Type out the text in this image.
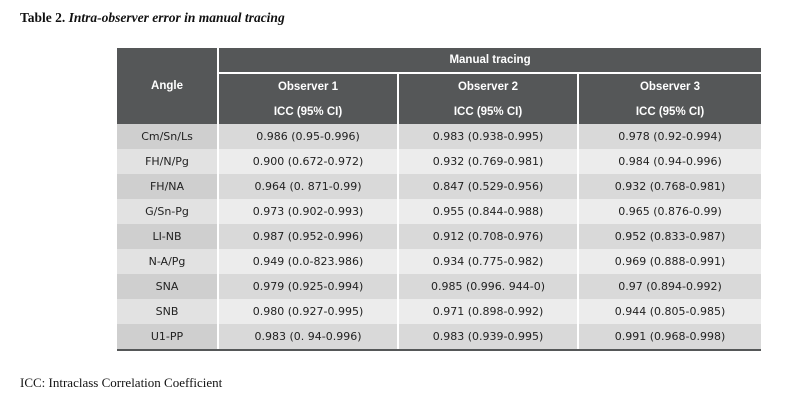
Table 2. Intra-observer error in manual tracing
Angle	Manual tracing		
	Observer 1	Observer 2	Observer 3
	ICC (95% CI)	ICC (95% CI)	ICC (95% CI)
Cm/Sn/Ls	0.986 (0.95-0.996)	0.983 (0.938-0.995)	0.978 (0.92-0.994)
FH/N/Pg	0.900 (0.672-0.972)	0.932 (0.769-0.981)	0.984 (0.94-0.996)
FH/NA	0.964 (0. 871-0.99)	0.847 (0.529-0.956)	0.932 (0.768-0.981)
G/Sn-Pg	0.973 (0.902-0.993)	0.955 (0.844-0.988)	0.965 (0.876-0.99)
LI-NB	0.987 (0.952-0.996)	0.912 (0.708-0.976)	0.952 (0.833-0.987)
N-A/Pg	0.949 (0.0-823.986)	0.934 (0.775-0.982)	0.969 (0.888-0.991)
SNA	0.979 (0.925-0.994)	0.985 (0.996. 944-0)	0.97 (0.894-0.992)
SNB	0.980 (0.927-0.995)	0.971 (0.898-0.992)	0.944 (0.805-0.985)
U1-PP	0.983 (0. 94-0.996)	0.983 (0.939-0.995)	0.991 (0.968-0.998)
ICC: Intraclass Correlation Coefficient
